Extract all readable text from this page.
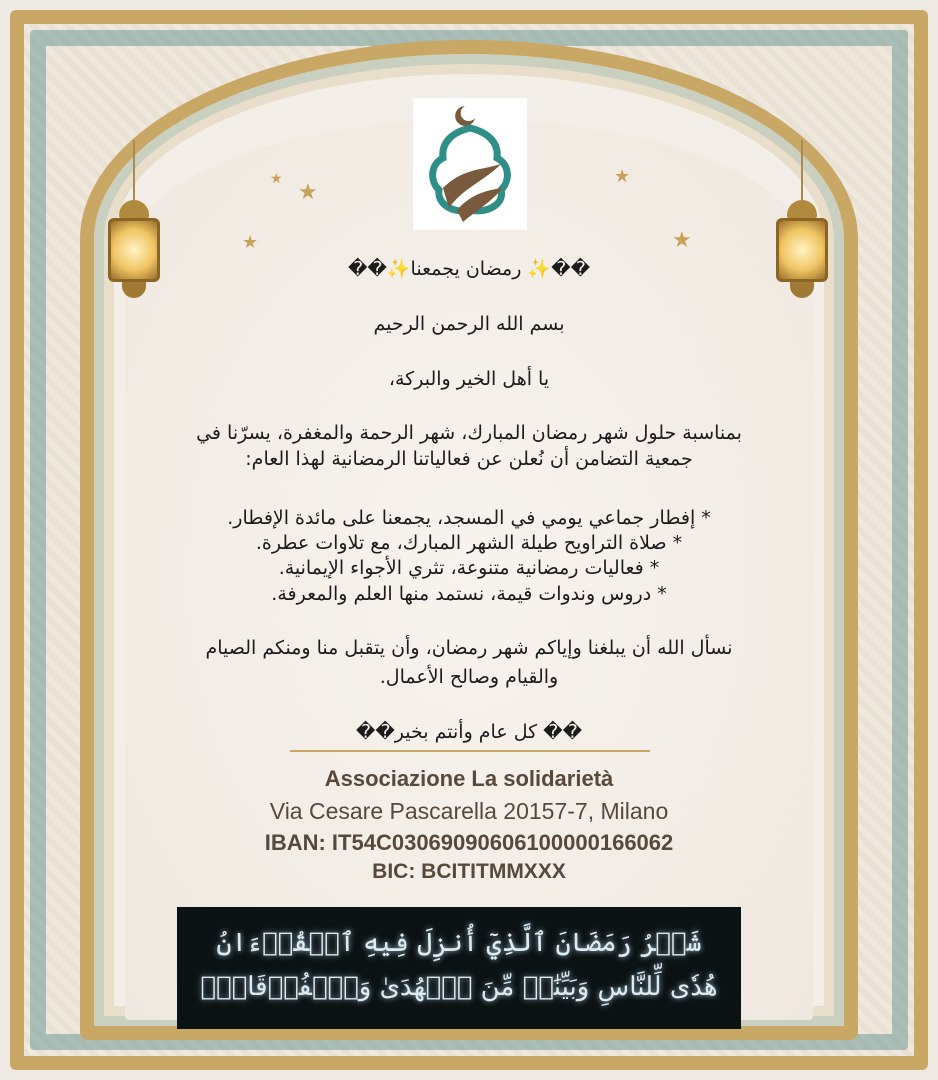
★
★
★	★
★
��✨ رمضان يجمعنا✨��
بسم الله الرحمن الرحيم
يا أهل الخير والبركة،
بمناسبة حلول شهر رمضان المبارك، شهر الرحمة والمغفرة، يسرّنا في
جمعية التضامن أن نُعلن عن فعالياتنا الرمضانية لهذا العام:
* إفطار جماعي يومي في المسجد، يجمعنا على مائدة الإفطار.
* صلاة التراويح طيلة الشهر المبارك، مع تلاوات عطرة.
* فعاليات رمضانية متنوعة، تثري الأجواء الإيمانية.
* دروس وندوات قيمة، نستمد منها العلم والمعرفة.
نسأل الله أن يبلغنا وإياكم شهر رمضان، وأن يتقبل منا ومنكم الصيام
والقيام وصالح الأعمال.
�� كل عام وأنتم بخير��
Associazione La solidarietà
Via Cesare Pascarella 20157-7, Milano
IBAN: IT54C0306909060610000016606​2
BIC: BCITITMMXXX
شَهۡرُ رَمَضَانَ ٱلَّذِيٓ أُنزِلَ فِيهِ ٱلۡقُرۡءَانُ
هُدٗى لِّلنَّاسِ وَبَيِّنَٰتٖ مِّنَ ٱلۡهُدَىٰ وَٱلۡفُرۡقَانِۚ
